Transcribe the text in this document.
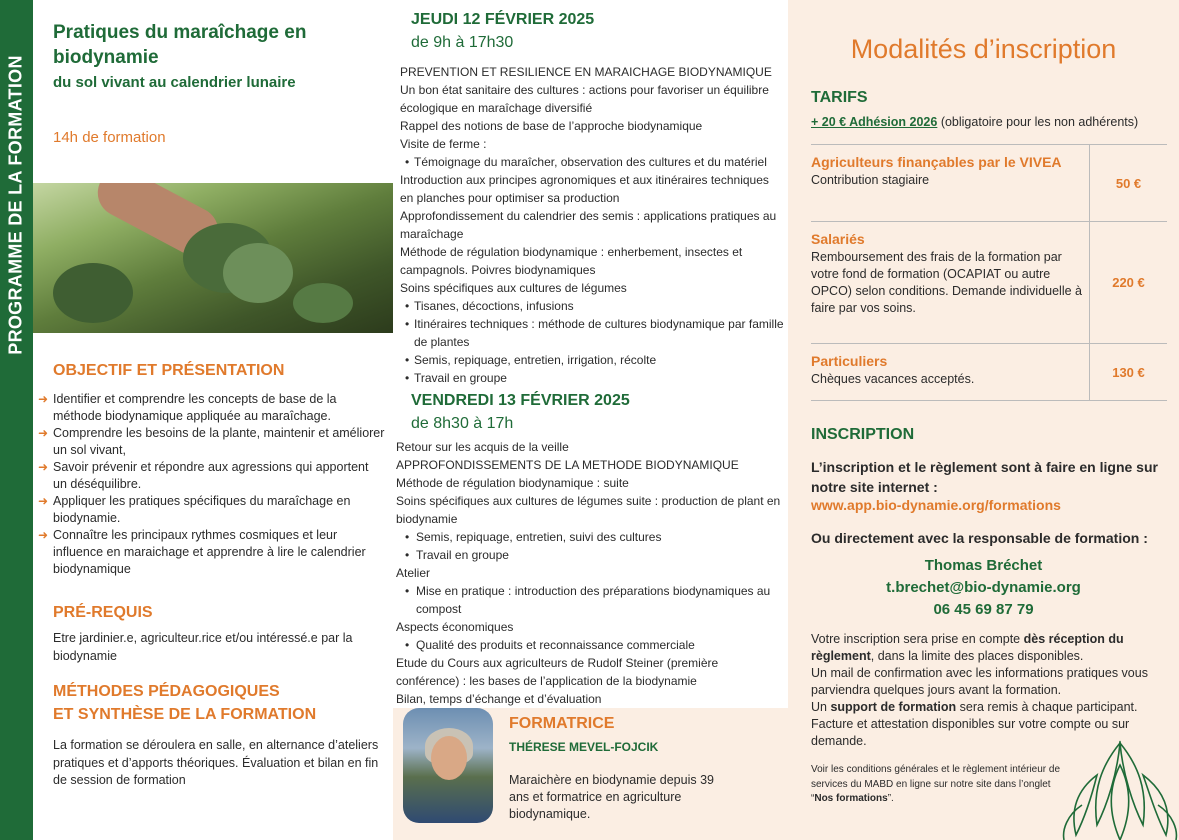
PROGRAMME DE LA FORMATION
Pratiques du maraîchage en biodynamie
du sol vivant au calendrier lunaire
14h de formation
OBJECTIF ET PRÉSENTATION
➜ Identifier et comprendre les concepts de base de la méthode biodynamique appliquée au maraîchage.
➜ Comprendre les besoins de la plante, maintenir et améliorer un sol vivant,
➜ Savoir prévenir et répondre aux agressions qui apportent un déséquilibre.
➜ Appliquer les pratiques spécifiques du maraîchage en biodynamie.
➜ Connaître les principaux rythmes cosmiques et leur influence en maraichage et apprendre à lire le calendrier biodynamique
PRÉ-REQUIS
Etre jardinier.e, agriculteur.rice et/ou intéressé.e par la biodynamie
MÉTHODES PÉDAGOGIQUES
ET SYNTHÈSE DE LA FORMATION
La formation se déroulera en salle, en alternance d’ateliers pratiques et d’apports théoriques. Évaluation et bilan en fin de session de formation
JEUDI 12 FÉVRIER 2025
de 9h à 17h30
PREVENTION ET RESILIENCE EN MARAICHAGE BIODYNAMIQUE
Un bon état sanitaire des cultures : actions pour favoriser un équilibre écologique en maraîchage diversifié
Rappel des notions de base de l’approche biodynamique
Visite de ferme :
• Témoignage du maraîcher, observation des cultures et du matériel
Introduction aux principes agronomiques et aux itinéraires techniques en planches pour optimiser sa production
Approfondissement du calendrier des semis : applications pratiques au maraîchage
Méthode de régulation biodynamique : enherbement, insectes et campagnols. Poivres biodynamiques
Soins spécifiques aux cultures de légumes
• Tisanes, décoctions, infusions
• Itinéraires techniques : méthode de cultures biodynamique par famille de plantes
• Semis, repiquage, entretien, irrigation, récolte
• Travail en groupe
VENDREDI 13 FÉVRIER 2025
de 8h30 à 17h
Retour sur les acquis de la veille
APPROFONDISSEMENTS DE LA METHODE BIODYNAMIQUE
Méthode de régulation biodynamique : suite
Soins spécifiques aux cultures de légumes suite : production de plant en biodynamie
• Semis, repiquage, entretien, suivi des cultures
• Travail en groupe
Atelier
• Mise en pratique : introduction des préparations biodynamiques au compost
Aspects économiques
• Qualité des produits et reconnaissance commerciale
Etude du Cours aux agriculteurs de Rudolf Steiner (première conférence) : les bases de l’application de la biodynamie
Bilan, temps d’échange et d’évaluation
FORMATRICE
THÉRESE MEVEL-FOJCIK
Maraichère en biodynamie depuis 39 ans et formatrice en agriculture biodynamique.
Modalités d’inscription
TARIFS
+ 20 € Adhésion 2026 (obligatoire pour les non adhérents)
Agriculteurs finançables par le VIVEA
Contribution stagiaire	50 €
Salariés
Remboursement des frais de la formation par votre fond de formation (OCAPIAT ou autre OPCO) selon conditions. Demande individuelle à faire par vos soins.
220 €
Particuliers
Chèques vacances acceptés.	130 €
INSCRIPTION
L’inscription et le règlement sont à faire en ligne sur notre site internet :
www.app.bio-dynamie.org/formations
Ou directement avec la responsable de formation :
Thomas Bréchet
t.brechet@bio-dynamie.org
06 45 69 87 79
Votre inscription sera prise en compte dès réception du règlement, dans la limite des places disponibles.
Un mail de confirmation avec les informations pratiques vous parviendra quelques jours avant la formation.
Un support de formation sera remis à chaque participant.
Facture et attestation disponibles sur votre compte ou sur demande.
Voir les conditions générales et le règlement intérieur de services du MABD en ligne sur notre site dans l’onglet “Nos formations”.
